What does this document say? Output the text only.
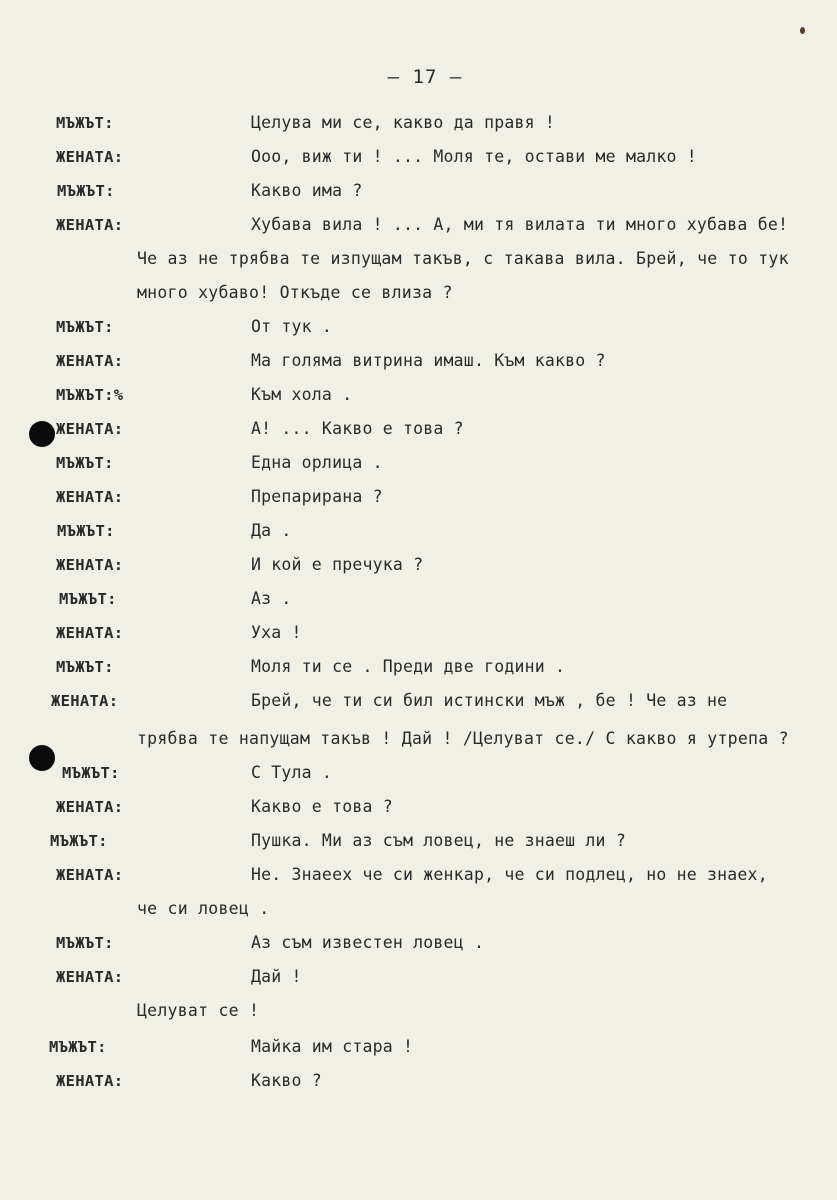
– 17 –
МЪЖЪТ:	Целува ми се, какво да правя !
ЖЕНАТА:	Ооо, виж ти ! ... Моля те, остави ме малко !
МЪЖЪТ:	Какво има ?
ЖЕНАТА:	Хубава вила ! ... А, ми тя вилата ти много хубава бе!
Че аз не трябва те изпущам такъв, с такава вила. Брей, че то тук
много хубаво! Откъде се влиза ?
МЪЖЪТ:	От тук .
ЖЕНАТА:	Ма голяма витрина имаш. Към какво ?
МЪЖЪТ:%	Към хола .
ЖЕНАТА:	А! ... Какво е това ?
МЪЖЪТ:	Една орлица .
ЖЕНАТА:	Препарирана ?
МЪЖЪТ:	Да .
ЖЕНАТА:	И кой е пречука ?
МЪЖЪТ:	Аз .
ЖЕНАТА:	Уха !
МЪЖЪТ:	Моля ти се . Преди две години .
ЖЕНАТА:	Брей, че ти си бил истински мъж , бе ! Че аз не
трябва те напущам такъв ! Дай ! /Целуват се./ С какво я утрепа ?
МЪЖЪТ:	С Тула .
ЖЕНАТА:	Какво е това ?
МЪЖЪТ:	Пушка. Ми аз съм ловец, не знаеш ли ?
ЖЕНАТА:	Не. Знаеех че си женкар, че си подлец, но не знаех,
че си ловец .
МЪЖЪТ:	Аз съм известен ловец .
ЖЕНАТА:	Дай !
Целуват се !
МЪЖЪТ:	Майка им стара !
ЖЕНАТА:	Какво ?
